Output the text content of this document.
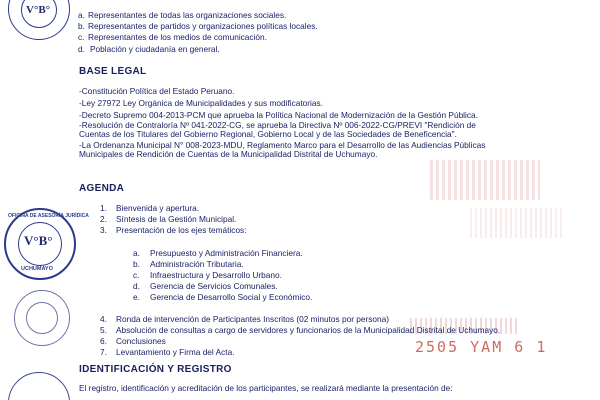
V°B°
OFICINA DE ASESORÍA JURÍDICA
V°B°
UCHUMAYO
2505 YAM 6 1
a. Representantes de todas las organizaciones sociales.
b. Representantes de partidos y organizaciones políticas locales.
c. Representantes de los medios de comunicación.
d. Población y ciudadanía en general.
BASE LEGAL
-Constitución Política del Estado Peruano.
-Ley 27972 Ley Orgánica de Municipalidades y sus modificatorias.
-Decreto Supremo 004-2013-PCM que aprueba la Política Nacional de Modernización de la Gestión Pública.
-Resolución de Contraloría Nº 041-2022-CG, se aprueba la Directiva Nº 006-2022-CG/PREVI "Rendición de
Cuentas de los Titulares del Gobierno Regional, Gobierno Local y de las Sociedades de Beneficencia".
-La Ordenanza Municipal N° 008-2023-MDU, Reglamento Marco para el Desarrollo de las Audiencias Públicas
Municipales de Rendición de Cuentas de la Municipalidad Distrital de Uchumayo.
AGENDA
1. Bienvenida y apertura.
2. Síntesis de la Gestión Municipal.
3. Presentación de los ejes temáticos:
a. Presupuesto y Administración Financiera.
b. Administración Tributaria.
c. Infraestructura y Desarrollo Urbano.
d. Gerencia de Servicios Comunales.
e. Gerencia de Desarrollo Social y Económico.
4. Ronda de intervención de Participantes Inscritos (02 minutos por persona)
5. Absolución de consultas a cargo de servidores y funcionarios de la Municipalidad Distrital de Uchumayo.
6. Conclusiones
7. Levantamiento y Firma del Acta.
IDENTIFICACIÓN Y REGISTRO
El registro, identificación y acreditación de los participantes, se realizará mediante la presentación de:
